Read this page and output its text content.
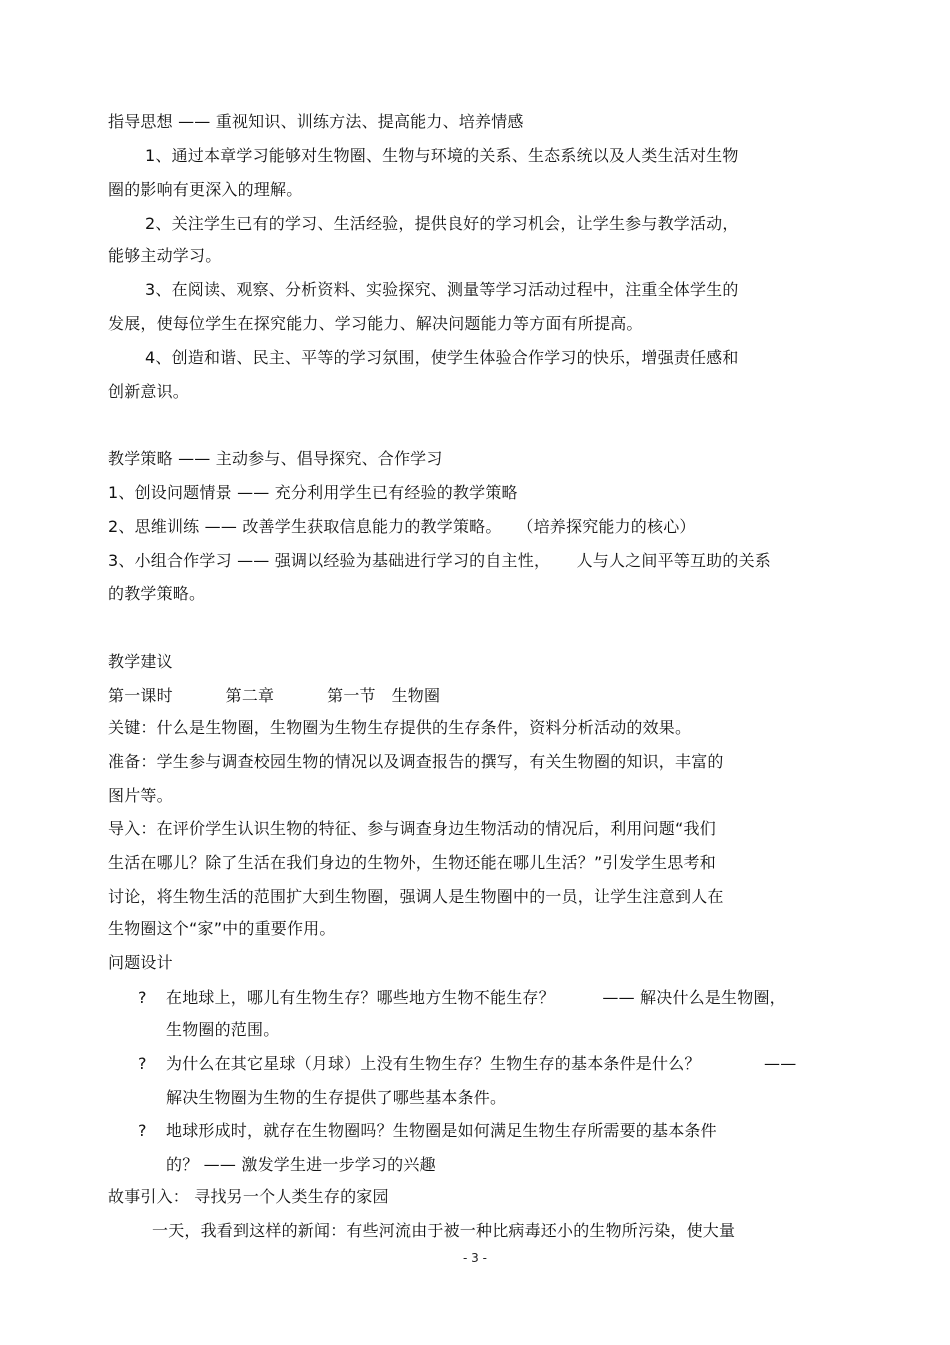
指导思想 —— 重视知识、训练方法、提高能力、培养情感
1、通过本章学习能够对生物圈、生物与环境的关系、生态系统以及人类生活对生物
圈的影响有更深入的理解。
2、关注学生已有的学习、生活经验，提供良好的学习机会，让学生参与教学活动，
能够主动学习。
3、在阅读、观察、分析资料、实验探究、测量等学习活动过程中，注重全体学生的
发展，使每位学生在探究能力、学习能力、解决问题能力等方面有所提高。
4、创造和谐、民主、平等的学习氛围，使学生体验合作学习的快乐，增强责任感和
创新意识。
教学策略 —— 主动参与、倡导探究、合作学习
1、创设问题情景 —— 充分利用学生已有经验的教学策略
2、思维训练 —— 改善学生获取信息能力的教学策略。   （培养探究能力的核心）
3、小组合作学习 —— 强调以经验为基础进行学习的自主性，     人与人之间平等互助的关系
的教学策略。
教学建议
第一课时          第二章          第一节   生物圈
关键：什么是生物圈，生物圈为生物生存提供的生存条件，资料分析活动的效果。
准备：学生参与调查校园生物的情况以及调查报告的撰写，有关生物圈的知识，丰富的
图片等。
导入：在评价学生认识生物的特征、参与调查身边生物活动的情况后，利用问题“我们
生活在哪儿？除了生活在我们身边的生物外，生物还能在哪儿生活？”引发学生思考和
讨论，将生物生活的范围扩大到生物圈，强调人是生物圈中的一员，让学生注意到人在
生物圈这个“家”中的重要作用。
问题设计
? 在地球上，哪儿有生物生存？哪些地方生物不能生存？         —— 解决什么是生物圈，
生物圈的范围。
? 为什么在其它星球（月球）上没有生物生存？生物生存的基本条件是什么？            ——
解决生物圈为生物的生存提供了哪些基本条件。
? 地球形成时，就存在生物圈吗？生物圈是如何满足生物生存所需要的基本条件
的？ —— 激发学生进一步学习的兴趣
故事引入： 寻找另一个人类生存的家园
一天，我看到这样的新闻：有些河流由于被一种比病毒还小的生物所污染，使大量
- 3 -
